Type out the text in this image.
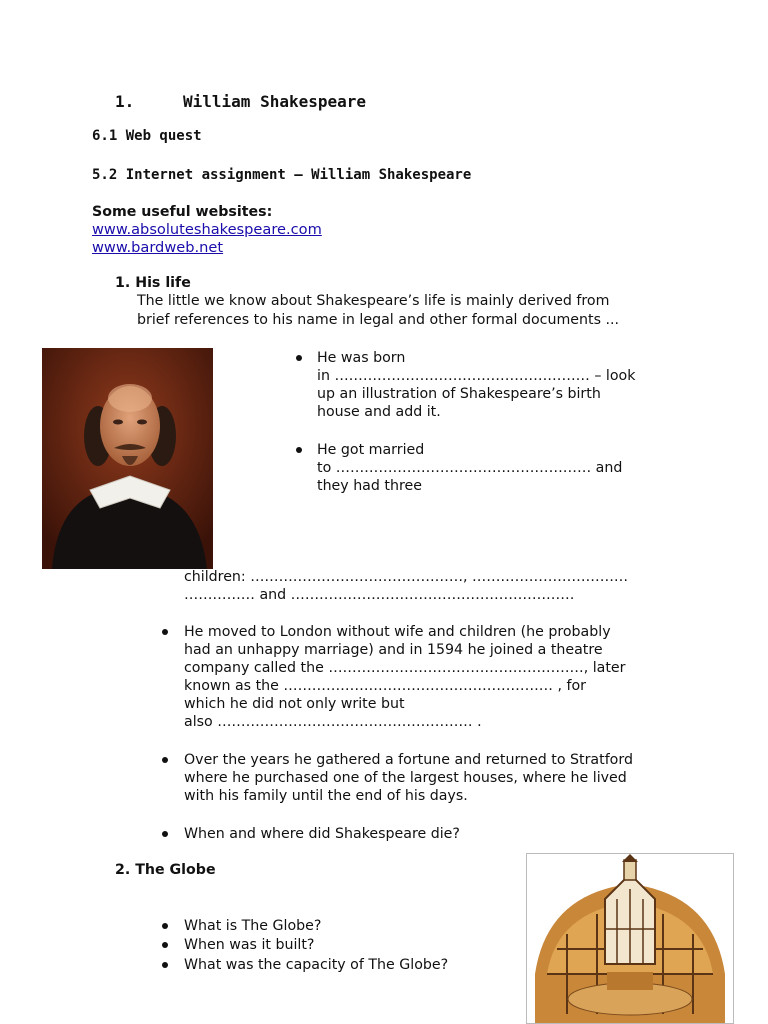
1.	William Shakespeare
6.1 Web quest
5.2 Internet assignment – William Shakespeare
Some useful websites:
www.absoluteshakespeare.com
www.bardweb.net
1. His life
The little we know about Shakespeare’s life is mainly derived from
brief references to his name in legal and other formal documents ...
He was born
in ……………………………………………… – look
up an illustration of Shakespeare’s birth
house and add it.
He got married
to ……………………………………………… and
they had three
children: ………………………………………, ……………………………
…………… and ……………………………………………………
He moved to London without wife and children (he probably
had an unhappy marriage) and in 1594 he joined a theatre
company called the ………………………………………………, later
known as the ………………………………………………… , for
which he did not only write but
also ……………………………………………… .
Over the years he gathered a fortune and returned to Stratford
where he purchased one of the largest houses, where he lived
with his family until the end of his days.
When and where did Shakespeare die?
2. The Globe
What is The Globe?
When was it built?
What was the capacity of The Globe?
